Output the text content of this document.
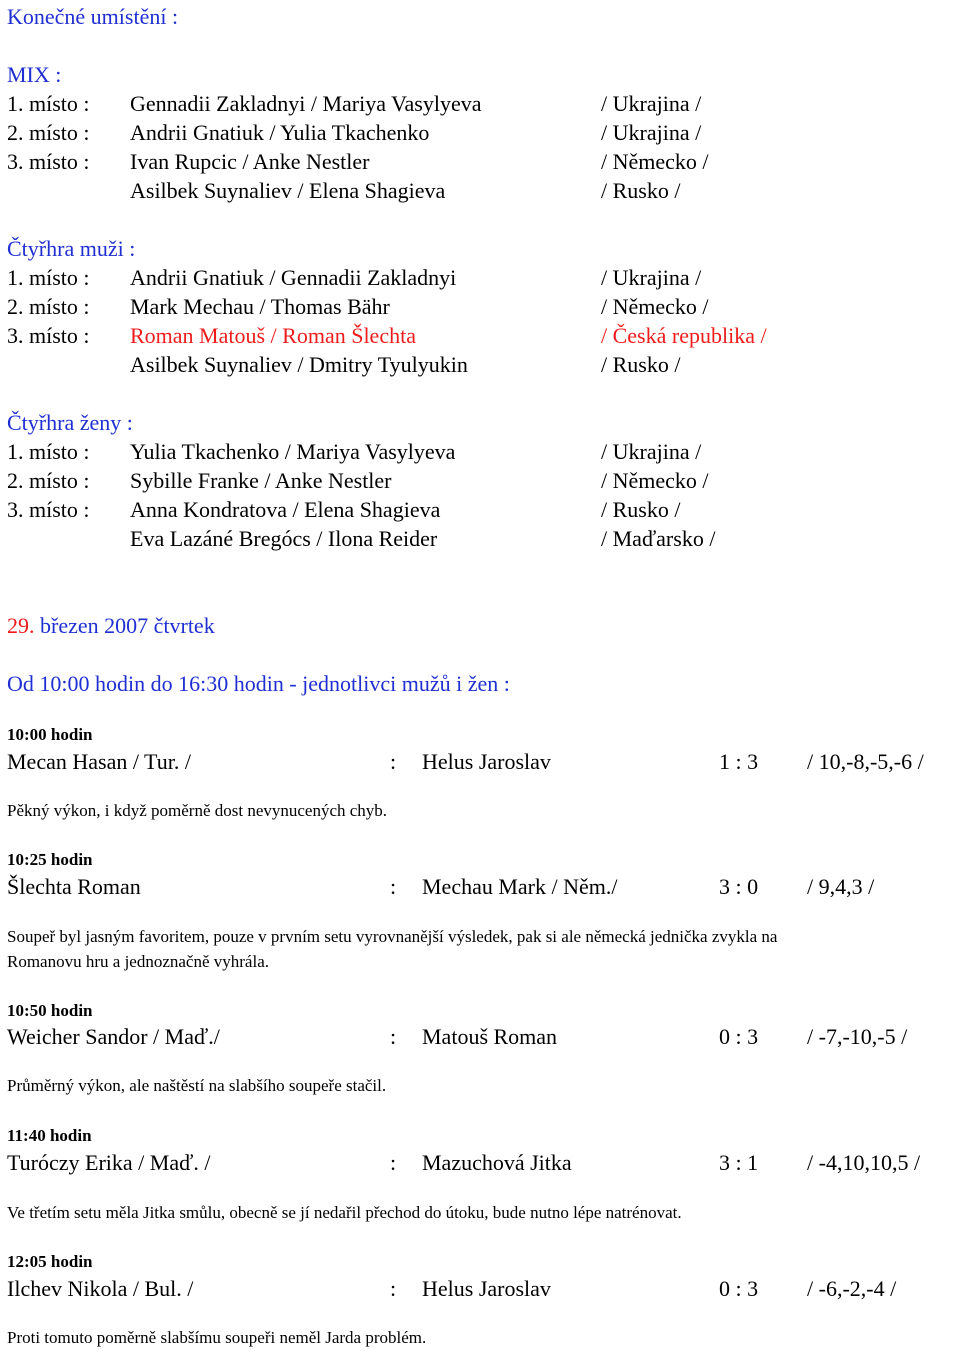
Konečné umístění :
MIX :
1. místo : Gennadii Zakladnyi / Mariya Vasylyeva	/ Ukrajina /
2. místo : Andrii Gnatiuk / Yulia Tkachenko	/ Ukrajina /
3. místo : Ivan Rupcic / Anke Nestler	/ Německo /
Asilbek Suynaliev / Elena Shagieva	/ Rusko /
Čtyřhra muži :
1. místo : Andrii Gnatiuk / Gennadii Zakladnyi	/ Ukrajina /
2. místo : Mark Mechau / Thomas Bähr	/ Německo /
3. místo : Roman Matouš / Roman Šlechta	/ Česká republika /
Asilbek Suynaliev / Dmitry Tyulyukin	/ Rusko /
Čtyřhra ženy :
1. místo : Yulia Tkachenko / Mariya Vasylyeva	/ Ukrajina /
2. místo : Sybille Franke / Anke Nestler	/ Německo /
3. místo : Anna Kondratova / Elena Shagieva	/ Rusko /
Eva Lazáné Bregócs / Ilona Reider	/ Maďarsko /
29. březen 2007 čtvrtek
Od 10:00 hodin do 16:30 hodin - jednotlivci mužů i žen :
10:00 hodin
Mecan Hasan / Tur. /	: Helus Jaroslav	1 : 3 / 10,-8,-5,-6 /
Pěkný výkon, i když poměrně dost nevynucených chyb.
10:25 hodin
Šlechta Roman	: Mechau Mark / Něm./	3 : 0 / 9,4,3 /
Soupeř byl jasným favoritem, pouze v prvním setu vyrovnanější výsledek, pak si ale německá jednička zvykla na
Romanovu hru a jednoznačně vyhrála.
10:50 hodin
Weicher Sandor / Maď./	: Matouš Roman	0 : 3 / -7,-10,-5 /
Průměrný výkon, ale naštěstí na slabšího soupeře stačil.
11:40 hodin
Turóczy Erika / Maď. /	: Mazuchová Jitka	3 : 1 / -4,10,10,5 /
Ve třetím setu měla Jitka smůlu, obecně se jí nedařil přechod do útoku, bude nutno lépe natrénovat.
12:05 hodin
Ilchev Nikola / Bul. /	: Helus Jaroslav	0 : 3 / -6,-2,-4 /
Proti tomuto poměrně slabšímu soupeři neměl Jarda problém.
